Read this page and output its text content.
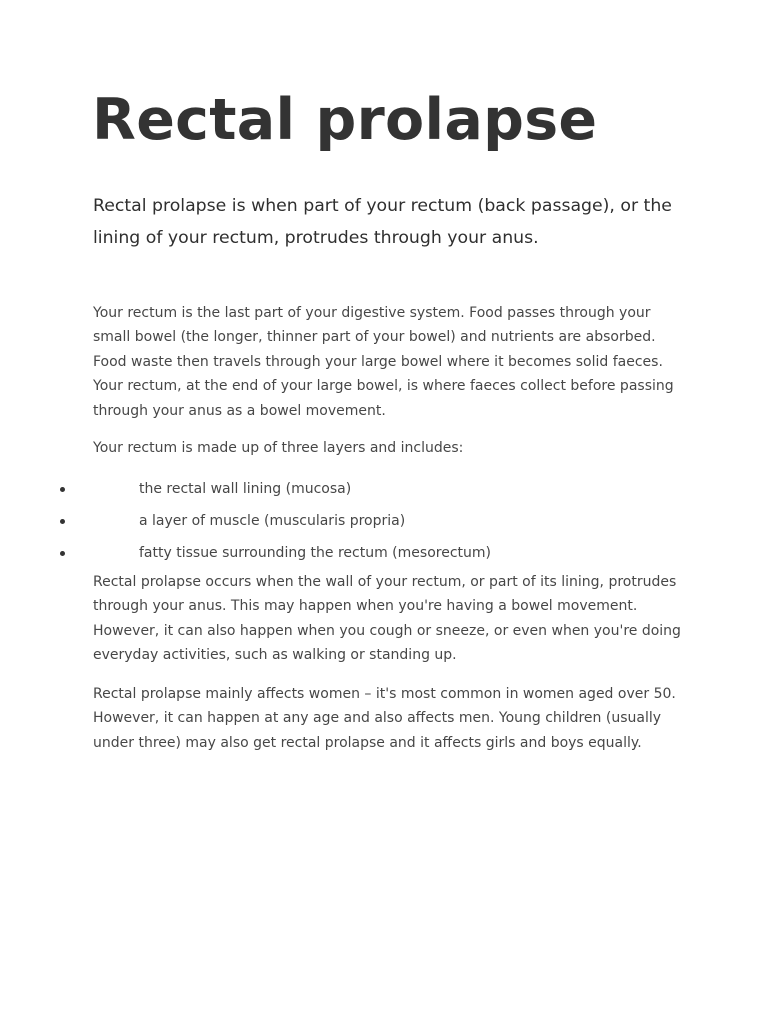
Rectal prolapse

Rectal prolapse is when part of your rectum (back passage), or the lining of your rectum, protrudes through your anus.

Your rectum is the last part of your digestive system. Food passes through your small bowel (the longer, thinner part of your bowel) and nutrients are absorbed. Food waste then travels through your large bowel where it becomes solid faeces. Your rectum, at the end of your large bowel, is where faeces collect before passing through your anus as a bowel movement.

Your rectum is made up of three layers and includes:

the rectal wall lining (mucosa)
a layer of muscle (muscularis propria)
fatty tissue surrounding the rectum (mesorectum)

Rectal prolapse occurs when the wall of your rectum, or part of its lining, protrudes through your anus. This may happen when you're having a bowel movement. However, it can also happen when you cough or sneeze, or even when you're doing everyday activities, such as walking or standing up.

Rectal prolapse mainly affects women – it's most common in women aged over 50. However, it can happen at any age and also affects men. Young children (usually under three) may also get rectal prolapse and it affects girls and boys equally.
